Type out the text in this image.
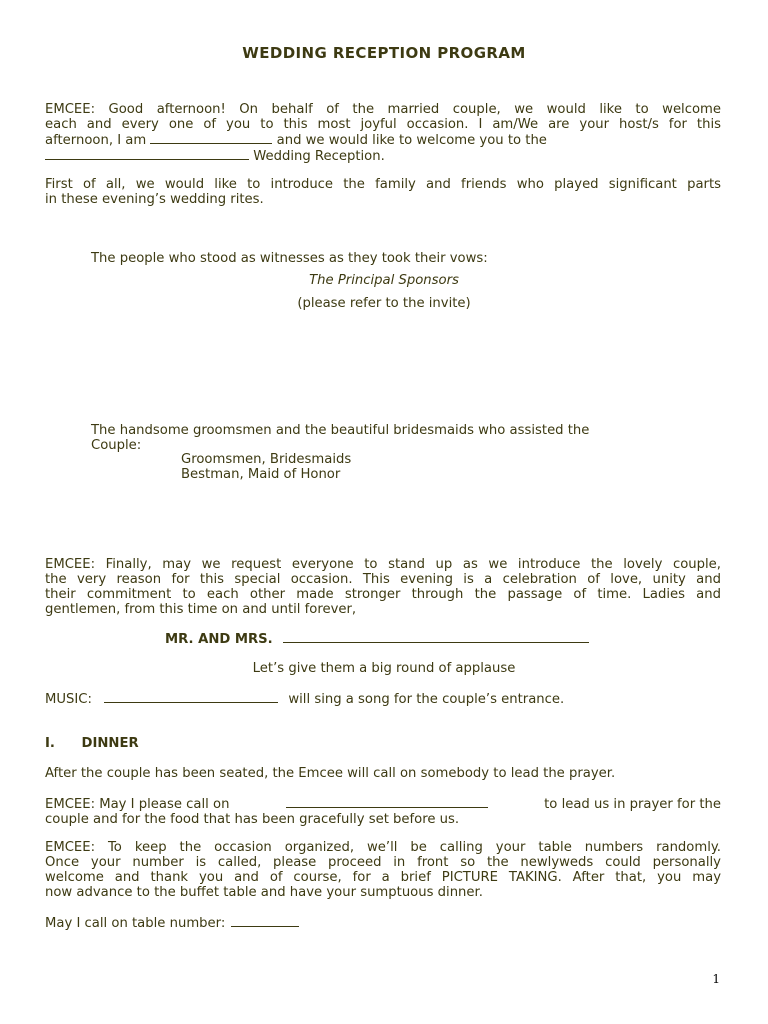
WEDDING RECEPTION PROGRAM
EMCEE: Good afternoon! On behalf of the married couple, we would like to welcome
each and every one of you to this most joyful occasion. I am/We are your host/s for this
afternoon, I am	and we would like to welcome you to the
Wedding Reception.
First of all, we would like to introduce the family and friends who played significant parts
in these evening’s wedding rites.
The people who stood as witnesses as they took their vows:
The Principal Sponsors
(please refer to the invite)
The handsome groomsmen and the beautiful bridesmaids who assisted the
Couple:
Groomsmen, Bridesmaids
Bestman, Maid of Honor
EMCEE: Finally, may we request everyone to stand up as we introduce the lovely couple,
the very reason for this special occasion. This evening is a celebration of love, unity and
their commitment to each other made stronger through the passage of time. Ladies and
gentlemen, from this time on and until forever,
MR. AND MRS.
Let’s give them a big round of applause
MUSIC:	will sing a song for the couple’s entrance.
I. DINNER
After the couple has been seated, the Emcee will call on somebody to lead the prayer.
EMCEE: May I please call on	to lead us in prayer for the
couple and for the food that has been gracefully set before us.
EMCEE: To keep the occasion organized, we’ll be calling your table numbers randomly.
Once your number is called, please proceed in front so the newlyweds could personally
welcome and thank you and of course, for a brief PICTURE TAKING. After that, you may
now advance to the buffet table and have your sumptuous dinner.
May I call on table number:
1
